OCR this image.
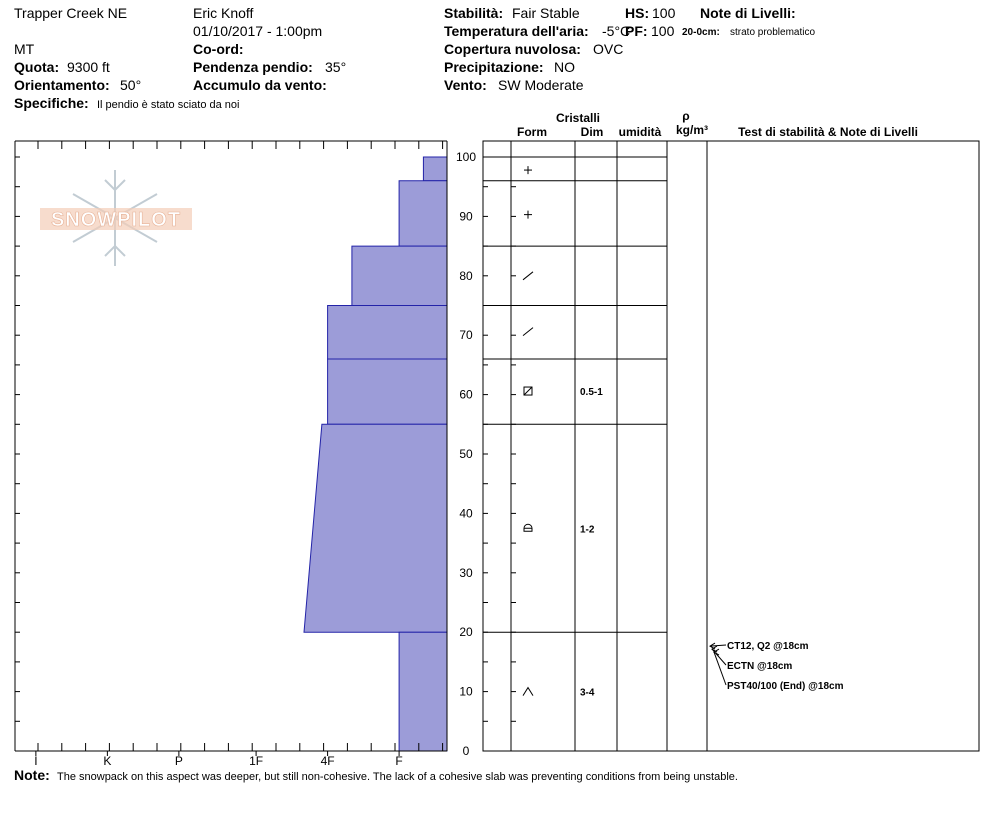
Trapper Creek NE	Eric Knoff
01/10/2017 - 1:00pm
MT	Co-ord:
Quota: 9300 ft	Pendenza pendio: 35°
Orientamento: 50°	Accumulo da vento:
Specifiche: Il pendio è stato sciato da noi
Stabilità: Fair Stable	HS: 100 Note di Livelli:
Temperatura dell'aria: -5°C
PF: 100 20-0cm: strato problematico
Copertura nuvolosa: OVC
Precipitazione: NO
Vento: SW Moderate
SNOWPILOT
I	K	P	1F	4F	F
0
10
20
30
40
50
60
70
80
90
100
0.5-1
1-2
3-4
CT12, Q2 @18cm
ECTN @18cm
PST40/100 (End) @18cm
Cristalli
Form	Dim umidità
ρ
kg/m³	Test di stabilità & Note di Livelli
Note: The snowpack on this aspect was deeper, but still non-cohesive. The lack of a cohesive slab was preventing conditions from being unstable.
